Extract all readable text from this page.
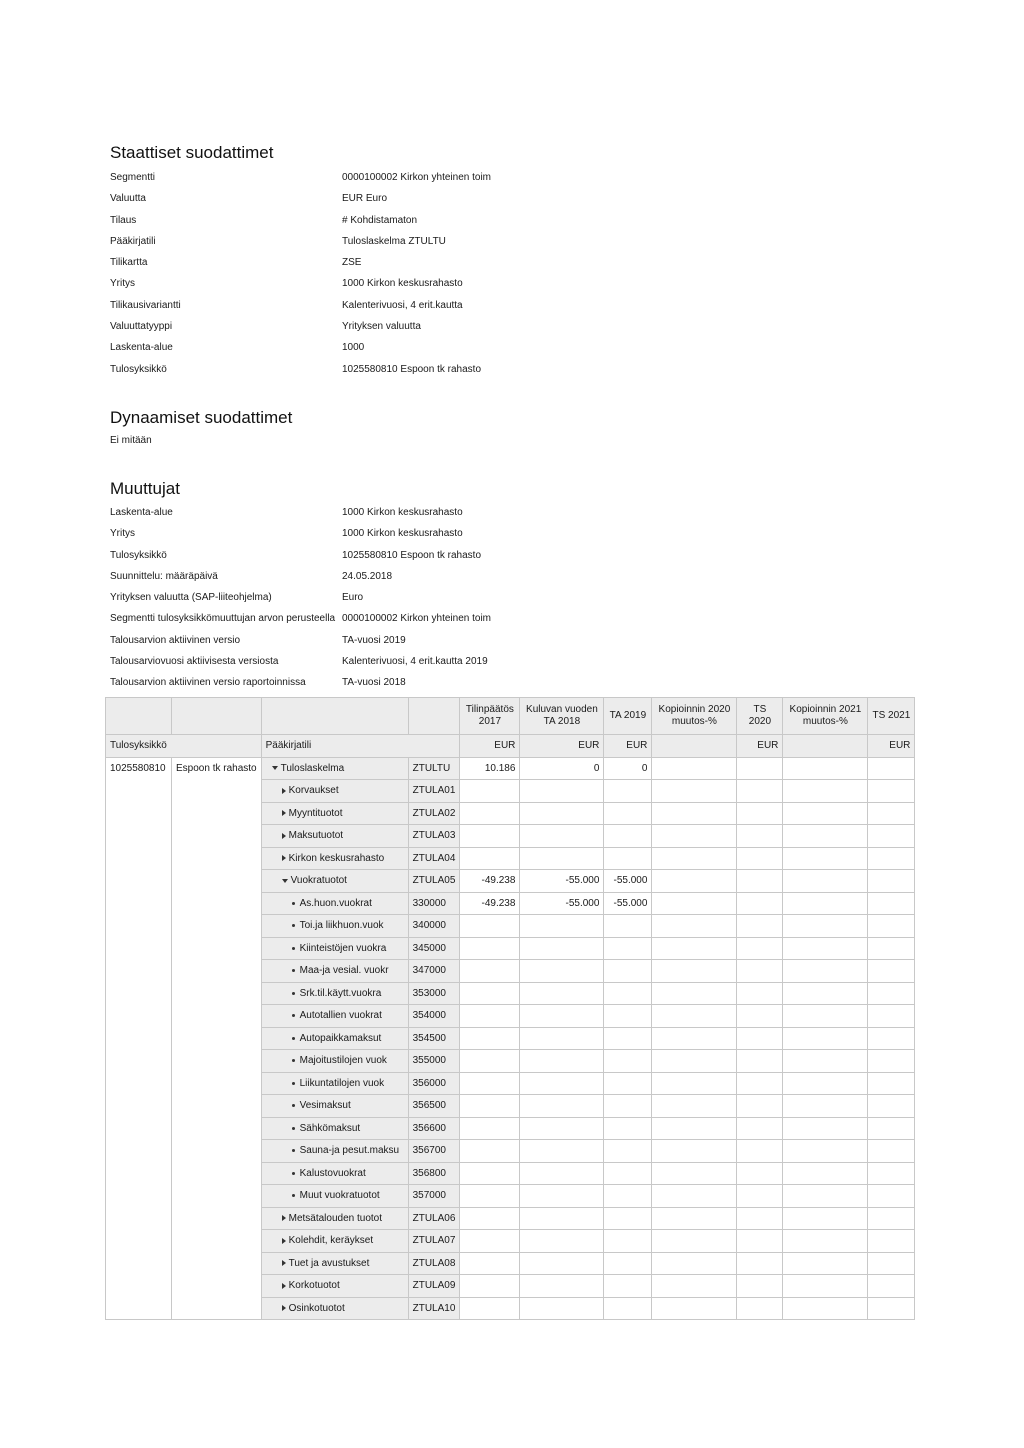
Staattiset suodattimet
Segmentti	0000100002 Kirkon yhteinen toim
Valuutta	EUR Euro
Tilaus	# Kohdistamaton
Pääkirjatili	Tuloslaskelma ZTULTU
Tilikartta	ZSE
Yritys	1000 Kirkon keskusrahasto
Tilikausivariantti	Kalenterivuosi, 4 erit.kautta
Valuuttatyyppi	Yrityksen valuutta
Laskenta-alue	1000
Tulosyksikkö	1025580810 Espoon tk rahasto
Dynaamiset suodattimet
Ei mitään
Muuttujat
Laskenta-alue	1000 Kirkon keskusrahasto
Yritys	1000 Kirkon keskusrahasto
Tulosyksikkö	1025580810 Espoon tk rahasto
Suunnittelu: määräpäivä	24.05.2018
Yrityksen valuutta (SAP-liiteohjelma)	Euro
Segmentti tulosyksikkömuuttujan arvon perusteella 0000100002 Kirkon yhteinen toim
Talousarvion aktiivinen versio	TA-vuosi 2019
Talousarviovuosi aktiivisesta versiosta	Kalenterivuosi, 4 erit.kautta 2019
Talousarvion aktiivinen versio raportoinnissa	TA-vuosi 2018
				Tilinpäätös 2017	Kuluvan vuoden TA 2018	TA 2019	Kopioinnin 2020 muutos-%	TS 2020	Kopioinnin 2021 muutos-%	TS 2021
Tulosyksikkö		Pääkirjatili		EUR	EUR	EUR		EUR		EUR
1025580810	Espoon tk rahasto	Tuloslaskelma	ZTULTU	10.186	0	0				
		Korvaukset	ZTULA01							
		Myyntituotot	ZTULA02							
		Maksutuotot	ZTULA03							
		Kirkon keskusrahasto	ZTULA04							
		Vuokratuotot	ZTULA05	-49.238	-55.000	-55.000				
		As.huon.vuokrat	330000	-49.238	-55.000	-55.000				
		Toi.ja liikhuon.vuok	340000							
		Kiinteistöjen vuokra	345000							
		Maa-ja vesial. vuokr	347000							
		Srk.til.käytt.vuokra	353000							
		Autotallien vuokrat	354000							
		Autopaikkamaksut	354500							
		Majoitustilojen vuok	355000							
		Liikuntatilojen vuok	356000							
		Vesimaksut	356500							
		Sähkömaksut	356600							
		Sauna-ja pesut.maksu	356700							
		Kalustovuokrat	356800							
		Muut vuokratuotot	357000							
		Metsätalouden tuotot	ZTULA06							
		Kolehdit, keräykset	ZTULA07							
		Tuet ja avustukset	ZTULA08							
		Korkotuotot	ZTULA09							
		Osinkotuotot	ZTULA10							
